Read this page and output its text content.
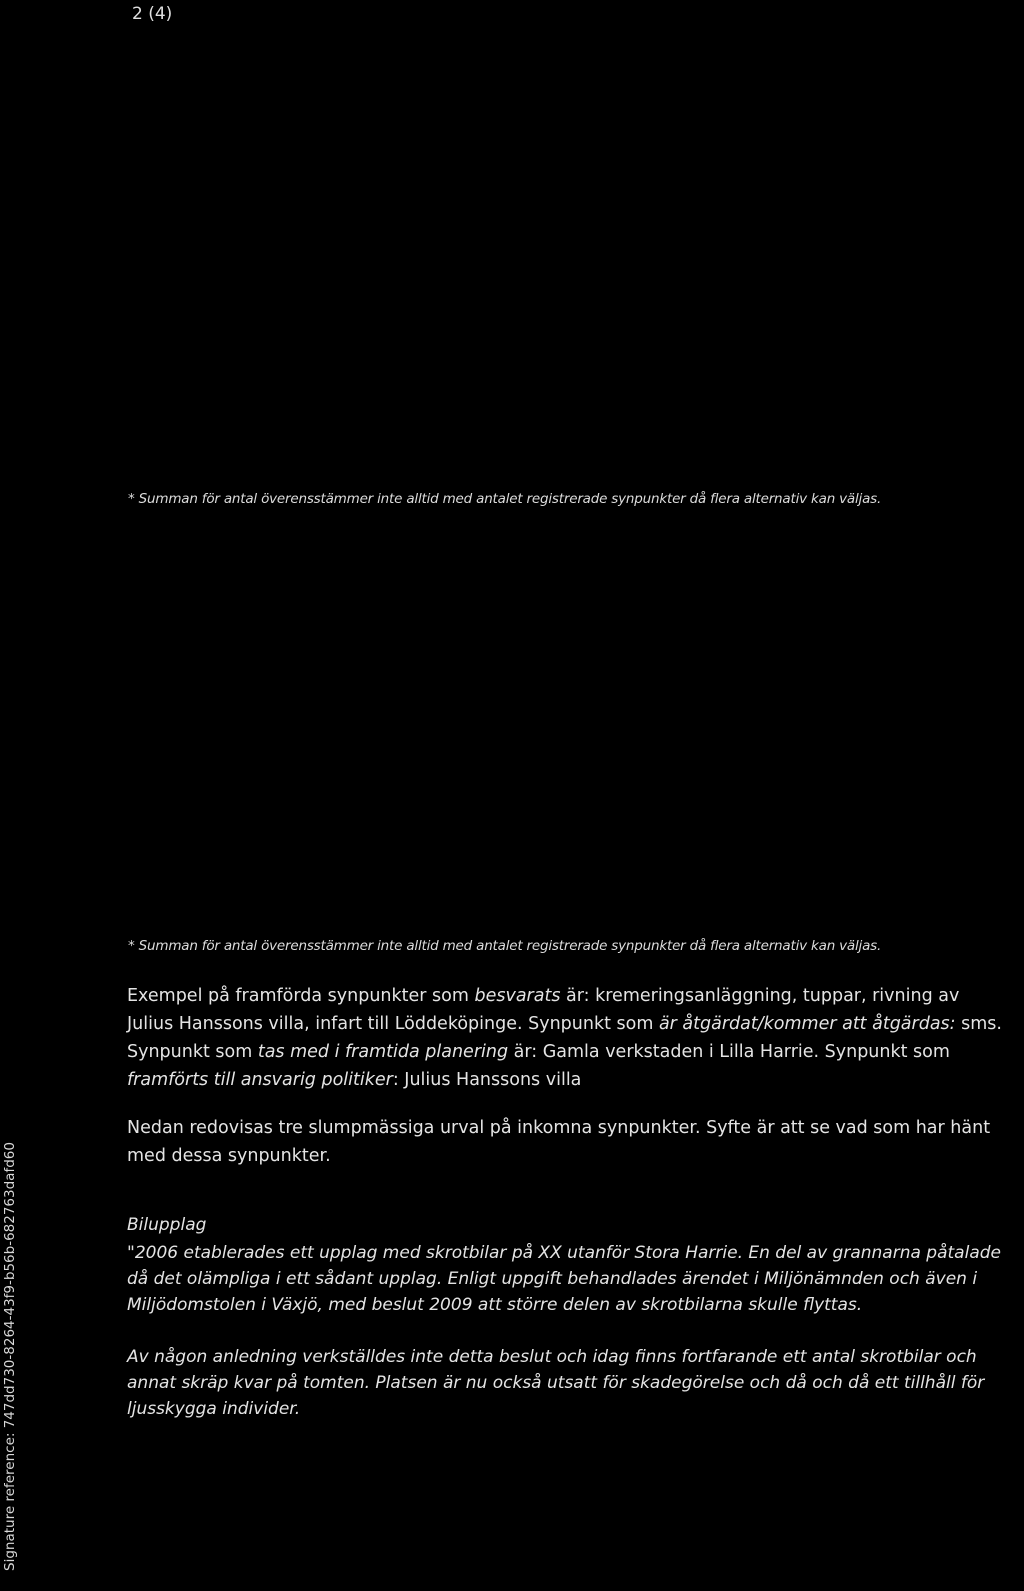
2 (4)
* Summan för antal överensstämmer inte alltid med antalet registrerade synpunkter då flera alternativ kan väljas.
* Summan för antal överensstämmer inte alltid med antalet registrerade synpunkter då flera alternativ kan väljas.
Exempel på framförda synpunkter som besvarats är: kremeringsanläggning, tuppar, rivning av Julius Hanssons villa, infart till Löddeköpinge. Synpunkt som är åtgärdat/kommer att åtgärdas: sms. Synpunkt som tas med i framtida planering är: Gamla verkstaden i Lilla Harrie. Synpunkt som framförts till ansvarig politiker: Julius Hanssons villa
Nedan redovisas tre slumpmässiga urval på inkomna synpunkter. Syfte är att se vad som har hänt med dessa synpunkter.
Bilupplag
"2006 etablerades ett upplag med skrotbilar på XX utanför Stora Harrie. En del av grannarna påtalade då det olämpliga i ett sådant upplag. Enligt uppgift behandlades ärendet i Miljönämnden och även i Miljödomstolen i Växjö, med beslut 2009 att större delen av skrotbilarna skulle flyttas.
Av någon anledning verkställdes inte detta beslut och idag finns fortfarande ett antal skrotbilar och annat skräp kvar på tomten. Platsen är nu också utsatt för skadegörelse och då och då ett tillhåll för ljusskygga individer.
Signature reference: 747dd730-8264-43f9-b56b-682763dafd60
